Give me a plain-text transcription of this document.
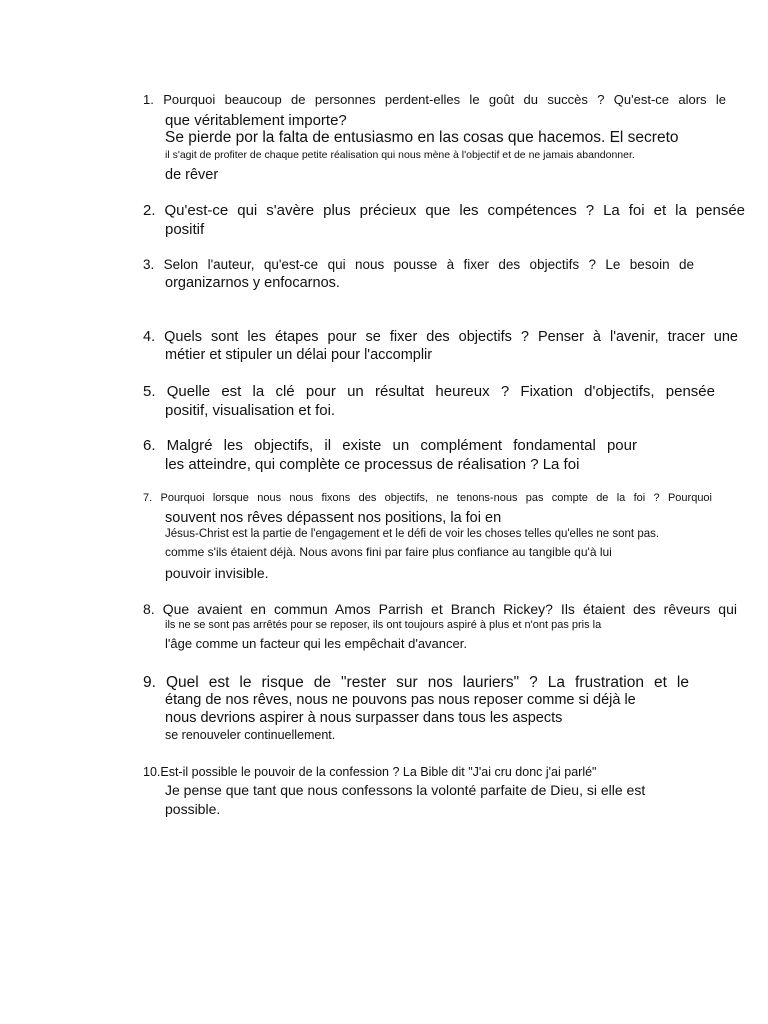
1. Pourquoi beaucoup de personnes perdent-elles le goût du succès ? Qu'est-ce alors le
que véritablement importe?
Se pierde por la falta de entusiasmo en las cosas que hacemos. El secreto
il s'agit de profiter de chaque petite réalisation qui nous mène à l'objectif et de ne jamais abandonner.
de rêver
2. Qu'est-ce qui s'avère plus précieux que les compétences ? La foi et la pensée
positif
3. Selon l'auteur, qu'est-ce qui nous pousse à fixer des objectifs ? Le besoin de
organizarnos y enfocarnos.
4. Quels sont les étapes pour se fixer des objectifs ? Penser à l'avenir, tracer une
métier et stipuler un délai pour l'accomplir
5. Quelle est la clé pour un résultat heureux ? Fixation d'objectifs, pensée
positif, visualisation et foi.
6. Malgré les objectifs, il existe un complément fondamental pour
les atteindre, qui complète ce processus de réalisation ? La foi
7. Pourquoi lorsque nous nous fixons des objectifs, ne tenons-nous pas compte de la foi ? Pourquoi
souvent nos rêves dépassent nos positions, la foi en
Jésus-Christ est la partie de l'engagement et le défi de voir les choses telles qu'elles ne sont pas.
comme s'ils étaient déjà. Nous avons fini par faire plus confiance au tangible qu'à lui
pouvoir invisible.
8. Que avaient en commun Amos Parrish et Branch Rickey? Ils étaient des rêveurs qui
ils ne se sont pas arrêtés pour se reposer, ils ont toujours aspiré à plus et n'ont pas pris la
l'âge comme un facteur qui les empêchait d'avancer.
9. Quel est le risque de "rester sur nos lauriers" ? La frustration et le
étang de nos rêves, nous ne pouvons pas nous reposer comme si déjà le
nous devrions aspirer à nous surpasser dans tous les aspects
se renouveler continuellement.
10.Est-il possible le pouvoir de la confession ? La Bible dit "J'ai cru donc j'ai parlé"
Je pense que tant que nous confessons la volonté parfaite de Dieu, si elle est
possible.
